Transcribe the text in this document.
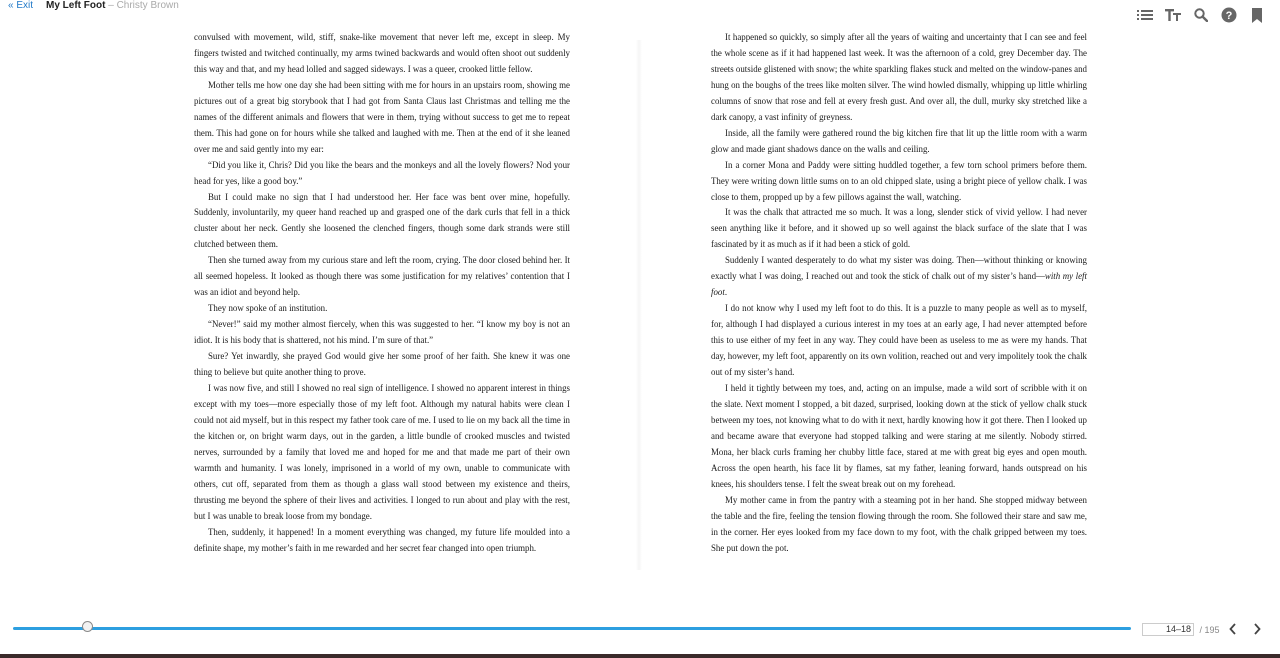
« Exit My Left Foot – Christy Brown
?

convulsed with movement, wild, stiff, snake-like movement that never left me, except in sleep. My fingers twisted and twitched continually, my arms twined backwards and would often shoot out suddenly this way and that, and my head lolled and sagged sideways. I was a queer, crooked little fellow.

Mother tells me how one day she had been sitting with me for hours in an upstairs room, showing me pictures out of a great big storybook that I had got from Santa Claus last Christmas and telling me the names of the different animals and flowers that were in them, trying without success to get me to repeat them. This had gone on for hours while she talked and laughed with me. Then at the end of it she leaned over me and said gently into my ear:

“Did you like it, Chris? Did you like the bears and the monkeys and all the lovely flowers? Nod your head for yes, like a good boy.”

But I could make no sign that I had understood her. Her face was bent over mine, hopefully. Suddenly, involuntarily, my queer hand reached up and grasped one of the dark curls that fell in a thick cluster about her neck. Gently she loosened the clenched fingers, though some dark strands were still clutched between them.

Then she turned away from my curious stare and left the room, crying. The door closed behind her. It all seemed hopeless. It looked as though there was some justification for my relatives’ contention that I was an idiot and beyond help.

They now spoke of an institution.

“Never!” said my mother almost fiercely, when this was suggested to her. “I know my boy is not an idiot. It is his body that is shattered, not his mind. I’m sure of that.”

Sure? Yet inwardly, she prayed God would give her some proof of her faith. She knew it was one thing to believe but quite another thing to prove.

I was now five, and still I showed no real sign of intelligence. I showed no apparent interest in things except with my toes—more especially those of my left foot. Although my natural habits were clean I could not aid myself, but in this respect my father took care of me. I used to lie on my back all the time in the kitchen or, on bright warm days, out in the garden, a little bundle of crooked muscles and twisted nerves, surrounded by a family that loved me and hoped for me and that made me part of their own warmth and humanity. I was lonely, imprisoned in a world of my own, unable to communicate with others, cut off, separated from them as though a glass wall stood between my existence and theirs, thrusting me beyond the sphere of their lives and activities. I longed to run about and play with the rest, but I was unable to break loose from my bondage.

Then, suddenly, it happened! In a moment everything was changed, my future life moulded into a definite shape, my mother’s faith in me rewarded and her secret fear changed into open triumph.

It happened so quickly, so simply after all the years of waiting and uncertainty that I can see and feel the whole scene as if it had happened last week. It was the afternoon of a cold, grey December day. The streets outside glistened with snow; the white sparkling flakes stuck and melted on the window-panes and hung on the boughs of the trees like molten silver. The wind howled dismally, whipping up little whirling columns of snow that rose and fell at every fresh gust. And over all, the dull, murky sky stretched like a dark canopy, a vast infinity of greyness.

Inside, all the family were gathered round the big kitchen fire that lit up the little room with a warm glow and made giant shadows dance on the walls and ceiling.

In a corner Mona and Paddy were sitting huddled together, a few torn school primers before them. They were writing down little sums on to an old chipped slate, using a bright piece of yellow chalk. I was close to them, propped up by a few pillows against the wall, watching.

It was the chalk that attracted me so much. It was a long, slender stick of vivid yellow. I had never seen anything like it before, and it showed up so well against the black surface of the slate that I was fascinated by it as much as if it had been a stick of gold.

Suddenly I wanted desperately to do what my sister was doing. Then—without thinking or knowing exactly what I was doing, I reached out and took the stick of chalk out of my sister’s hand—with my left foot.

I do not know why I used my left foot to do this. It is a puzzle to many people as well as to myself, for, although I had displayed a curious interest in my toes at an early age, I had never attempted before this to use either of my feet in any way. They could have been as useless to me as were my hands. That day, however, my left foot, apparently on its own volition, reached out and very impolitely took the chalk out of my sister’s hand.

I held it tightly between my toes, and, acting on an impulse, made a wild sort of scribble with it on the slate. Next moment I stopped, a bit dazed, surprised, looking down at the stick of yellow chalk stuck between my toes, not knowing what to do with it next, hardly knowing how it got there. Then I looked up and became aware that everyone had stopped talking and were staring at me silently. Nobody stirred. Mona, her black curls framing her chubby little face, stared at me with great big eyes and open mouth. Across the open hearth, his face lit by flames, sat my father, leaning forward, hands outspread on his knees, his shoulders tense. I felt the sweat break out on my forehead.

My mother came in from the pantry with a steaming pot in her hand. She stopped midway between the table and the fire, feeling the tension flowing through the room. She followed their stare and saw me, in the corner. Her eyes looked from my face down to my foot, with the chalk gripped between my toes. She put down the pot.

14–18 / 195
